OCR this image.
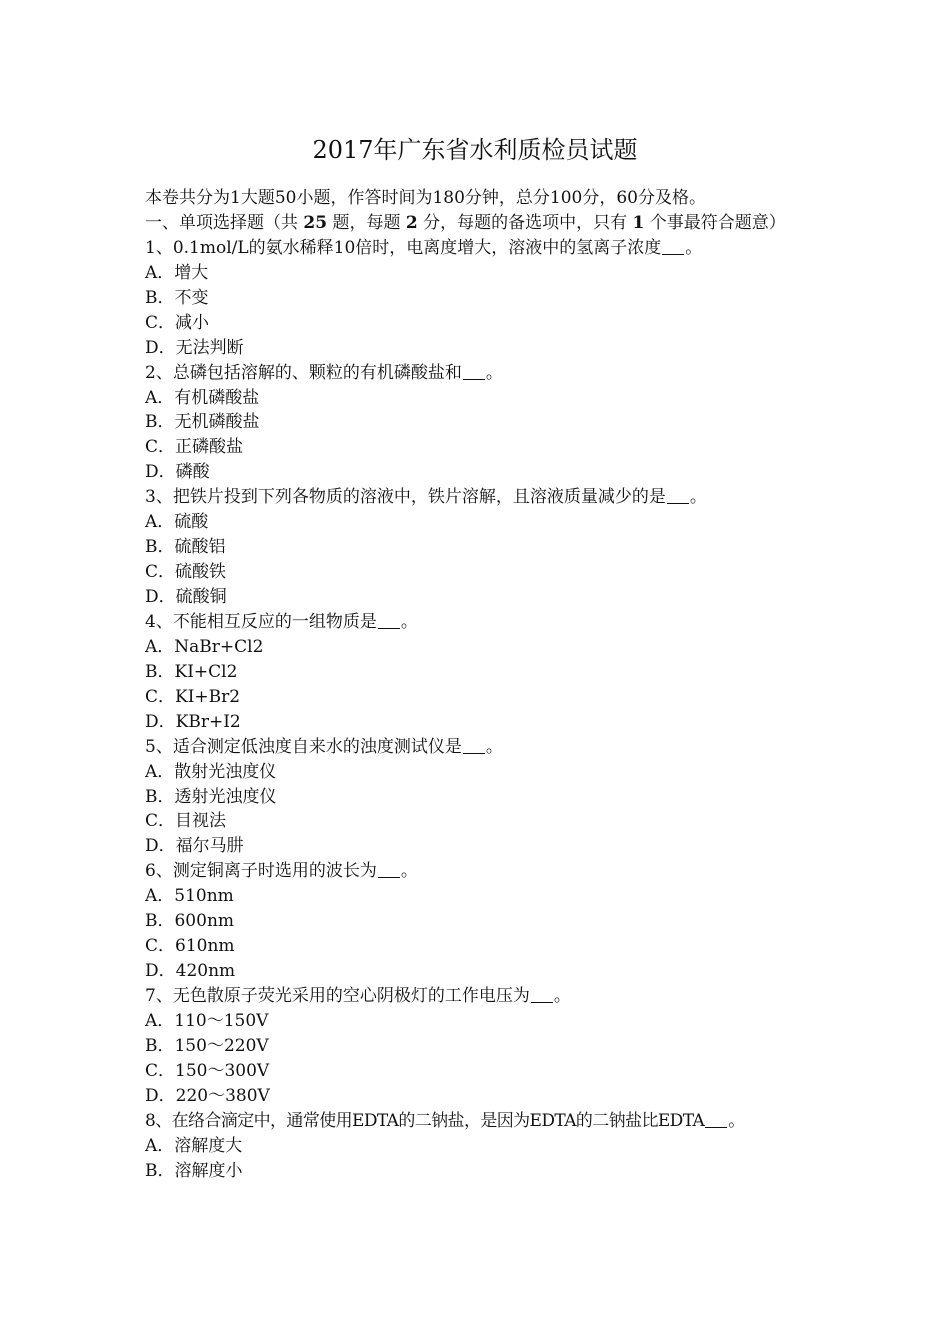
2017年广东省水利质检员试题
本卷共分为1大题50小题，作答时间为180分钟，总分100分，60分及格。
一、单项选择题（共 25 题，每题 2 分，每题的备选项中，只有 1 个事最符合题意）
1、0.1mol/L的氨水稀释10倍时，电离度增大，溶液中的氢离子浓度 。
A．增大
B．不变
C．减小
D．无法判断
2、总磷包括溶解的、颗粒的有机磷酸盐和 。
A．有机磷酸盐
B．无机磷酸盐
C．正磷酸盐
D．磷酸
3、把铁片投到下列各物质的溶液中，铁片溶解，且溶液质量减少的是 。
A．硫酸
B．硫酸铝
C．硫酸铁
D．硫酸铜
4、不能相互反应的一组物质是 。
A．NaBr+Cl2
B．KI+Cl2
C．KI+Br2
D．KBr+I2
5、适合测定低浊度自来水的浊度测试仪是 。
A．散射光浊度仪
B．透射光浊度仪
C．目视法
D．福尔马肼
6、测定铜离子时选用的波长为 。
A．510nm
B．600nm
C．610nm
D．420nm
7、无色散原子荧光采用的空心阴极灯的工作电压为 。
A．110～150V
B．150～220V
C．150～300V
D．220～380V
8、在络合滴定中，通常使用EDTA的二钠盐，是因为EDTA的二钠盐比EDTA 。
A．溶解度大
B．溶解度小
